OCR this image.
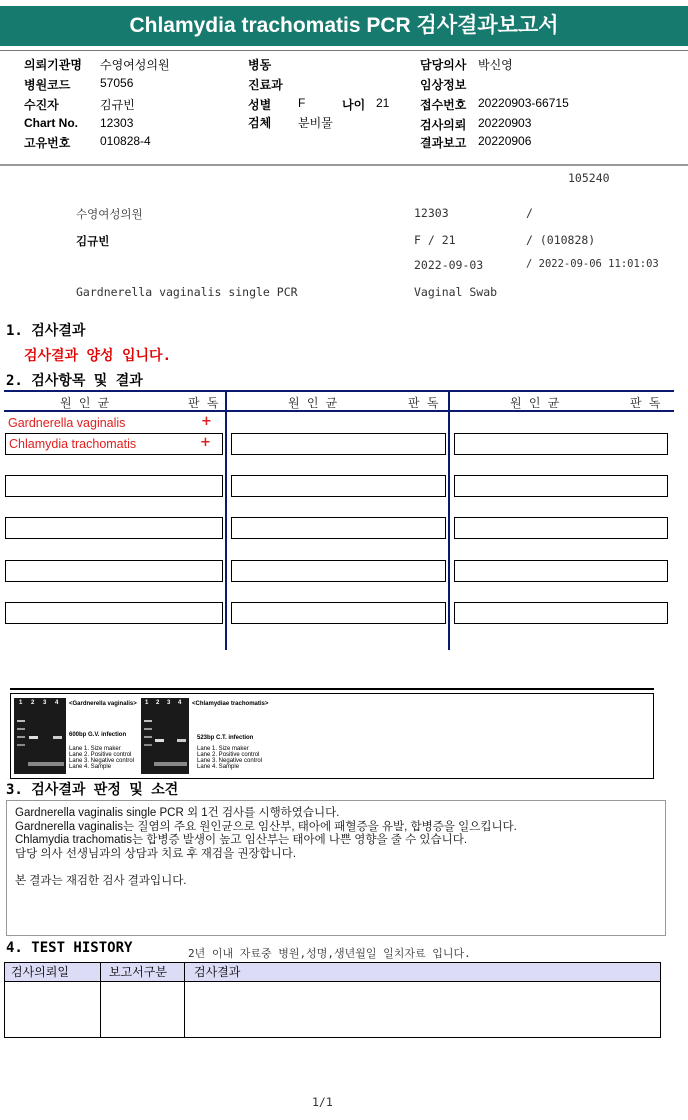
Chlamydia trachomatis PCR 검사결과보고서
의뢰기관명 수영여성의원
병원코드 57056
수진자	김규빈
Chart No. 12303
고유번호 010828-4
병동
진료과
성별 F	나이 21
검체 분비물
담당의사 박신영
임상정보
접수번호 20220903-66715
검사의뢰 20220903
결과보고 20220906
105240
수영여성의원	12303	/
김규빈	F / 21	/ (010828)
2022-09-03	/ 2022-09-06 11:01:03
Gardnerella vaginalis single PCR	Vaginal Swab
1. 검사결과
검사결과 양성 입니다.
2. 검사항목 및 결과
원 인 균	판 독	원 인 균	판 독	원 인 균	판 독
Gardnerella vaginalis	+
Chlamydia trachomatis	+
1 2 3 4 <Gardnerella vaginalis>
600bp G.V. infection
Lane 1. Size maker
Lane 2. Positive control
Lane 3. Negative control
Lane 4. Sample
1 2 3 4 <Chlamydiae trachomatis>
523bp C.T. infection
Lane 1. Size maker
Lane 2. Positive control
Lane 3. Negative control
Lane 4. Sample
3. 검사결과 판정 및 소견
Gardnerella vaginalis single PCR 외 1건 검사를 시행하였습니다.
Gardnerella vaginalis는 질염의 주요 원인균으로 임산부, 태아에 패혈증을 유발, 합병증을 일으킵니다.
Chlamydia trachomatis는 합병증 발생이 높고 임산부는 태아에 나쁜 영향을 줄 수 있습니다.
담당 의사 선생님과의 상담과 치료 후 재검을 권장합니다.
본 결과는 재검한 검사 결과입니다.
4. TEST HISTORY	2년 이내 자료중 병원,성명,생년월일 일치자료 입니다.
검사의뢰일	보고서구분 검사결과
1/1
